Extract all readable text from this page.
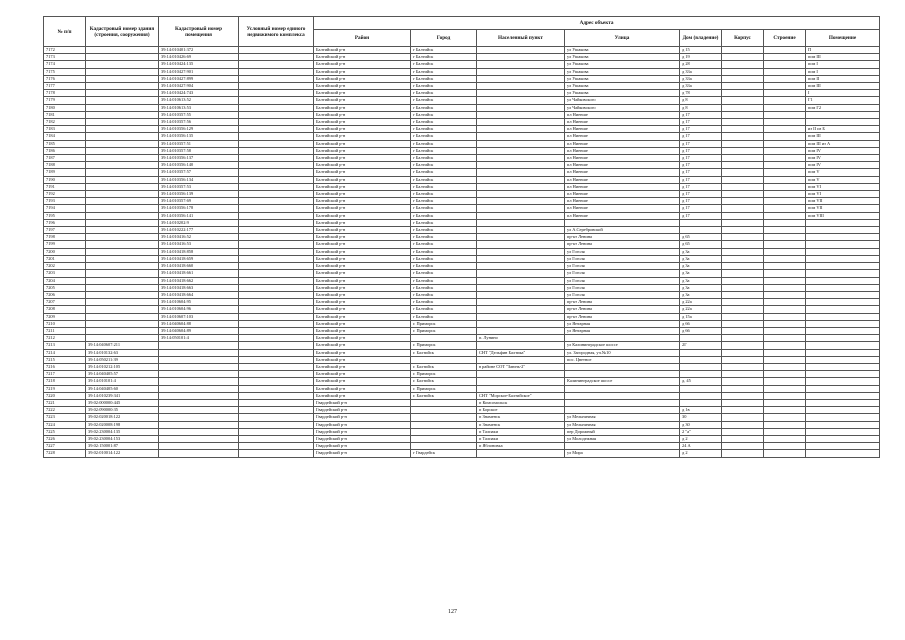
№ п/п	Кадастровый номер здания (строения, сооружения)	Кадастровый номер помещения	Условный номер единого недвижимого комплекса	Адрес объекта							
				Район	Город	Населенный пункт	Улица	Дом (владение)	Корпус	Строение	Помещение
7172		39:14:010401:372		Балтийский р-н	г Балтийск		ул Ушакова	д 15			П
7173		39:14:010426:69		Балтийский р-н	г Балтийск		ул Ушакова	д 19			пом III
7174		39:14:010424:135		Балтийский р-н	г Балтийск		ул Ушакова	д 28			пом I
7175		39:14:010427:901		Балтийский р-н	г Балтийск		ул Ушакова	д 33а			пом I
7176		39:14:010427:899		Балтийский р-н	г Балтийск		ул Ушакова	д 33а			пом II
7177		39:14:010427:904		Балтийский р-н	г Балтийск		ул Ушакова	д 33а			пом III
7178		39:14:010424:743		Балтийский р-н	г Балтийск		ул Ушакова	д 78			I
7179		39:14:010613:52		Балтийский р-н	г Балтийск		ул Чайковского	д 8			Г1
7180		39:14:010613:53		Балтийский р-н	г Балтийск		ул Чайковского	д 8			пом Г2
7181		39:14:010357:55		Балтийский р-н	г Балтийск		пл Ниенше	д 17			
7182		39:14:010357:56		Балтийский р-н	г Балтийск		пл Ниенше	д 17			
7183		39:14:010356:129		Балтийский р-н	г Балтийск		пл Ниенше	д 17			из II из Б
7184		39:14:010356:135		Балтийский р-н	г Балтийск		пл Ниенше	д 17			пом III
7185		39:14:010357:51		Балтийский р-н	г Балтийск		пл Ниенше	д 17			пом III из А
7186		39:14:010357:58		Балтийский р-н	г Балтийск		пл Ниенше	д 17			пом IV
7187		39:14:010356:137		Балтийский р-н	г Балтийск		пл Ниенше	д 17			пом IV
7188		39:14:010356:140		Балтийский р-н	г Балтийск		пл Ниенше	д 17			пом IV
7189		39:14:010357:57		Балтийский р-н	г Балтийск		пл Ниенше	д 17			пом V
7190		39:14:010356:134		Балтийский р-н	г Балтийск		пл Ниенше	д 17			пом V
7191		39:14:010357:53		Балтийский р-н	г Балтийск		пл Ниенше	д 17			пом VI
7192		39:14:010356:139		Балтийский р-н	г Балтийск		пл Ниенше	д 17			пом VI
7193		39:14:010357:69		Балтийский р-н	г Балтийск		пл Ниенше	д 17			пом VII
7194		39:14:010356:178		Балтийский р-н	г Балтийск		пл Ниенше	д 17			пом VII
7195		39:14:010356:141		Балтийский р-н	г Балтийск		пл Ниенше	д 17			пом VIII
7196		39:14:010202:9		Балтийский р-н	г Балтийск						
7197		39:14:010222:177		Балтийский р-н	г Балтийск		ул А.Серебровской				
7198		39:14:010416:52		Балтийский р-н	г Балтийск		пр-кт Ленина	д 65			
7199		39:14:010416:53		Балтийский р-н	г Балтийск		пр-кт Ленина	д 65			
7200		39:14:010418:858		Балтийский р-н	г Балтийск		ул Гоголя	д 3а			
7201		39:14:010418:659		Балтийский р-н	г Балтийск		ул Гоголя	д 3а			
7202		39:14:010418:660		Балтийский р-н	г Балтийск		ул Гоголя	д 3а			
7203		39:14:010418:661		Балтийский р-н	г Балтийск		ул Гоголя	д 3а			
7204		39:14:010418:662		Балтийский р-н	г Балтийск		ул Гоголя	д 3а			
7205		39:14:010418:663		Балтийский р-н	г Балтийск		ул Гоголя	д 3а			
7206		39:14:010418:664		Балтийский р-н	г Балтийск		ул Гоголя	д 3а			
7207		39:14:010604:95		Балтийский р-н	г Балтийск		пр-кт Ленина	д 22а			
7208		39:14:010604:96		Балтийский р-н	г Балтийск		пр-кт Ленина	д 22а			
7209		39:14:010607:103		Балтийский р-н	г Балтийск		пр-кт Ленина	д 15а			
7210		39:14:040604:88		Балтийский р-н	г. Приморск		ул Янтарная	д 66			
7211		39:14:040604:89		Балтийский р-н	г. Приморск		ул Янтарная	д 66			
7212		39:14:050101:4		Балтийский р-н		п. Лунино					
7213	39:14:040607:211			Балтийский р-н	г. Приморск		ул Калининградское шоссе	2Г			
7214	39:14:010132:63			Балтийский р-н	г. Балтийск	СНТ "Дельфин Балтика"	ул. Загородная, уч.№10				
7215	39:14:050211:39			Балтийский р-н			пос. Цветное				
7216	39:14:010212:105			Балтийский р-н	г. Балтийск	в районе СОТ "Заюнь-2"					
7217	39:14:040405:57			Балтийский р-н	г. Приморск						
7218	39:14:010101:4			Балтийский р-н	г. Балтийск		Калининградское шоссе	д. 45			
7219	39:14:040405:60			Балтийский р-н	г. Приморск						
7220	39:14:010239:341			Балтийский р-н	г. Балтийск	СНТ "Морское-Балтийское"					
7221	39:02:000000:445			Гвардейский р-н		п Комсомольск					
7222	39:02:090000:35			Гвардейский р-н		п Борское		д 1в			
7223	39:02:020018:122			Гвардейский р-н		п Знаменск	ул Мельничная	30			
7224	39:02:020008:198			Гвардейский р-н		п Знаменск	ул Мельничная	д 30			
7225	39:02:230004:135			Гвардейский р-н		п Талпаки	пер Дорожный	2 "а"			
7226	39:02:230004:153			Гвардейский р-н		п Талпаки	ул Молодежная	д 2			
7227	39:02:150001:87			Гвардейский р-н		п Яблоновка		24 А			
7228	39:02:010014:122			Гвардейский р-н	г Гвардейск		ул Мира	д 2			
127
